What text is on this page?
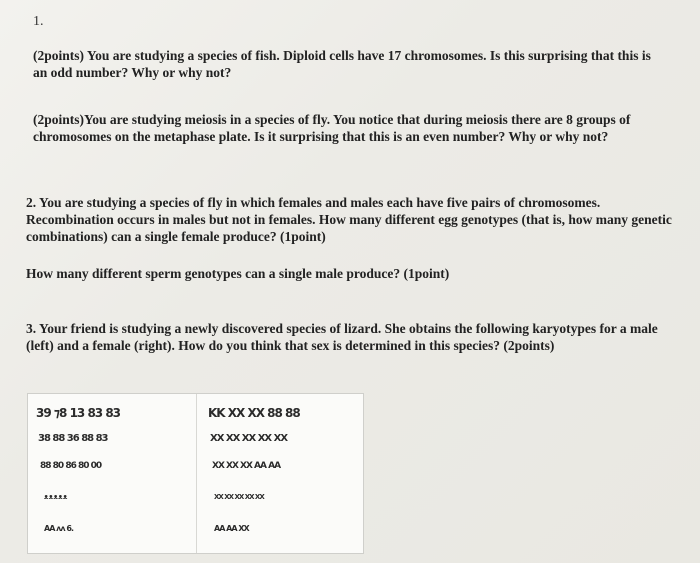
1.
(2points) You are studying a species of fish. Diploid cells have 17 chromosomes. Is this surprising that this is an odd number? Why or why not?
(2points)You are studying meiosis in a species of fly. You notice that during meiosis there are 8 groups of chromosomes on the metaphase plate. Is it surprising that this is an even number? Why or why not?
2. You are studying a species of fly in which females and males each have five pairs of chromosomes. Recombination occurs in males but not in females. How many different egg genotypes (that is, how many genetic combinations) can a single female produce? (1point)
How many different sperm genotypes can a single male produce? (1point)
3. Your friend is studying a newly discovered species of lizard. She obtains the following karyotypes for a male (left) and a female (right). How do you think that sex is determined in this species? (2points)
39 ⁊8 13 83 83
38 88 36 88 83
88 80 86 80 00
ᴥ ᴥ ᴥ ᴥ ᴥ
AA ᴧᴧ 6.
KK XX XX 88 88
XX XX XX XX XX
XX XX XX AA AA
XX XX XX XX XX
AA AA XX
